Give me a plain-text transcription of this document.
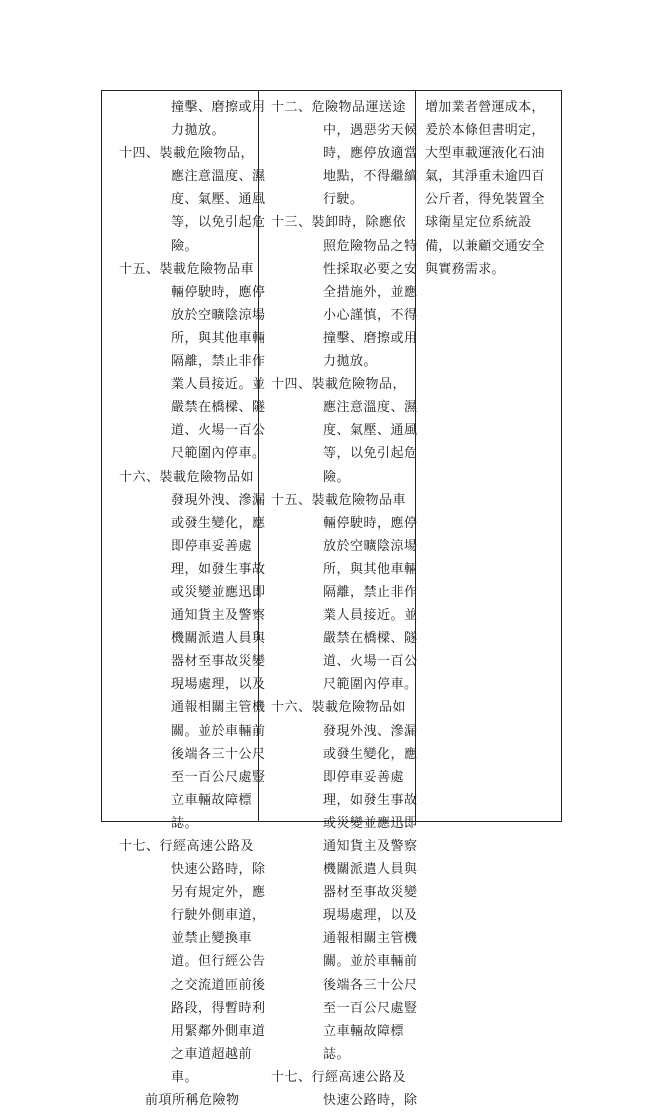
撞擊、磨擦或用
力拋放。
十四、裝載危險物品，
應注意溫度、濕
度、氣壓、通風
等，以免引起危
險。
十五、裝載危險物品車
輛停駛時，應停
放於空曠陰涼場
所，與其他車輛
隔離，禁止非作
業人員接近。並
嚴禁在橋樑、隧
道、火場一百公
尺範圍內停車。
十六、裝載危險物品如
發現外洩、滲漏
或發生變化，應
即停車妥善處
理，如發生事故
或災變並應迅即
通知貨主及警察
機關派遣人員與
器材至事故災變
現場處理，以及
通報相關主管機
關。並於車輛前
後端各三十公尺
至一百公尺處豎
立車輛故障標
誌。
十七、行經高速公路及
快速公路時，除
另有規定外，應
行駛外側車道，
並禁止變換車
道。但行經公告
之交流道匝前後
路段，得暫時利
用緊鄰外側車道
之車道超越前
車。
前項所稱危險物
十二、危險物品運送途
中，遇惡劣天候
時，應停放適當
地點，不得繼續
行駛。
十三、裝卸時，除應依
照危險物品之特
性採取必要之安
全措施外，並應
小心謹慎，不得
撞擊、磨擦或用
力拋放。
十四、裝載危險物品，
應注意溫度、濕
度、氣壓、通風
等，以免引起危
險。
十五、裝載危險物品車
輛停駛時，應停
放於空曠陰涼場
所，與其他車輛
隔離，禁止非作
業人員接近。並
嚴禁在橋樑、隧
道、火場一百公
尺範圍內停車。
十六、裝載危險物品如
發現外洩、滲漏
或發生變化，應
即停車妥善處
理，如發生事故
或災變並應迅即
通知貨主及警察
機關派遣人員與
器材至事故災變
現場處理，以及
通報相關主管機
關。並於車輛前
後端各三十公尺
至一百公尺處豎
立車輛故障標
誌。
十七、行經高速公路及
快速公路時，除
增加業者營運成本，
爰於本條但書明定，
大型車載運液化石油
氣，其淨重未逾四百
公斤者，得免裝置全
球衛星定位系統設
備，以兼顧交通安全
與實務需求。
